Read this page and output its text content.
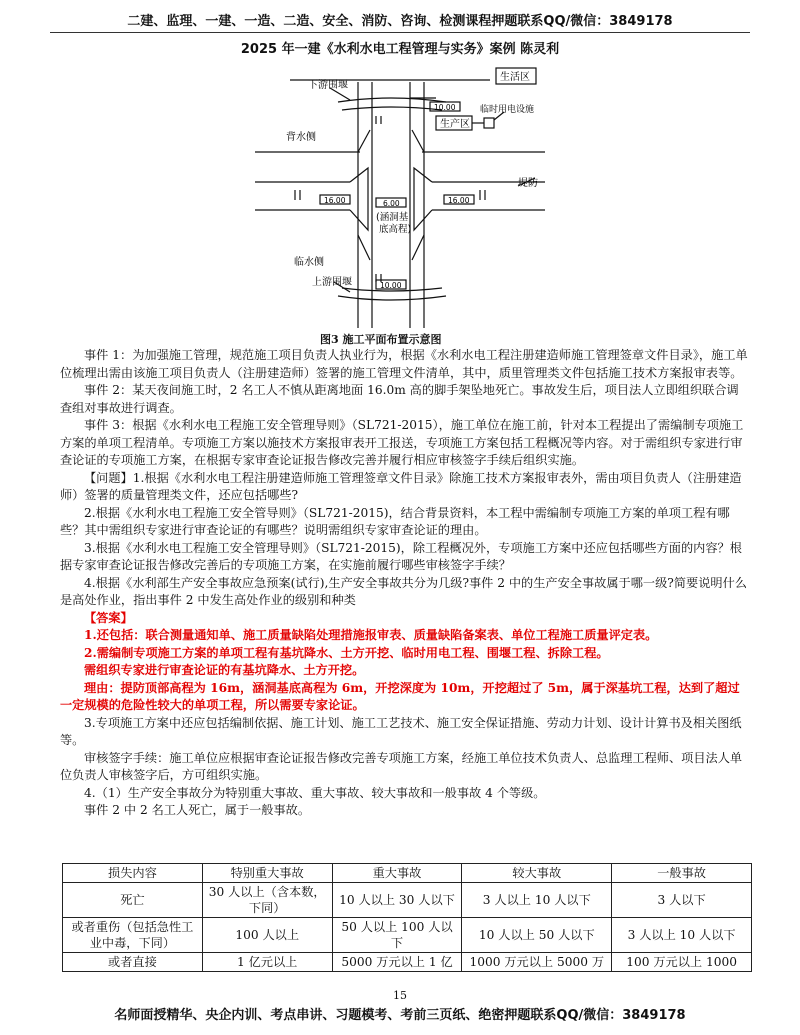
二建、监理、一建、一造、二造、安全、消防、咨询、检测课程押题联系QQ/微信：3849178
2025 年一建《水利水电工程管理与实务》案例 陈灵利
生活区
下游围堰
临时用电设施
生产区
背水侧
堤防
临水侧
上游围堰
(涵洞基
底高程)
10.00
16.00	6.00	16.00
10.00
图3 施工平面布置示意图

事件 1：为加强施工管理，规范施工项目负责人执业行为，根据《水利水电工程注册建造师施工管理签章文件目录》，施工单位梳理出需由该施工项目负责人（注册建造师）签署的施工管理文件清单，其中，质里管理类文件包括施工技术方案报审表等。

事件 2：某天夜间施工时，2 名工人不慎从距离地面 16.0m 高的脚手架坠地死亡。事故发生后，项目法人立即组织联合调查组对事故进行调查。

事件 3：根据《水利水电工程施工安全管理导则》（SL721-2015），施工单位在施工前，针对本工程提出了需编制专项施工方案的单项工程清单。专项施工方案以施技术方案报审表开工报送，专项施工方案包括工程概况等内容。对于需组织专家进行审查论证的专项施工方案，在根据专家审查论证报告修改完善并履行相应审核签字手续后组织实施。

【问题】1.根据《水利水电工程注册建造师施工管理签章文件目录》除施工技术方案报审表外，需由项目负责人（注册建造师）签署的质量管理类文件，还应包括哪些?

2.根据《水利水电工程施工安全管导则》（SL721-2015)，结合背景资料，本工程中需编制专项施工方案的单项工程有哪些？其中需组织专家进行审查论证的有哪些？说明需组织专家审查论证的理由。

3.根据《水利水电工程施工安全管理导则》（SL721-2015)，除工程概况外，专项施工方案中还应包括哪些方面的内容？根据专家审查论证报告修改完善后的专项施工方案，在实施前履行哪些审核签字手续？

4.根据《水利部生产安全事故应急预案(试行),生产安全事故共分为几级?事件 2 中的生产安全事故属于哪一级?简要说明什么是高处作业，指出事件 2 中发生高处作业的级别和种类

【答案】

1.还包括：联合测量通知单、施工质量缺陷处理措施报审表、质量缺陷备案表、单位工程施工质量评定表。

2.需编制专项施工方案的单项工程有基坑降水、土方开挖、临时用电工程、围堰工程、拆除工程。

需组织专家进行审查论证的有基坑降水、土方开挖。

理由：提防顶部高程为 16m，涵洞基底高程为 6m，开挖深度为 10m，开挖超过了 5m，属于深基坑工程，达到了超过一定规模的危险性较大的单项工程，所以需要专家论证。

3.专项施工方案中还应包括编制依据、施工计划、施工工艺技术、施工安全保证措施、劳动力计划、设计计算书及相关图纸等。

审核签字手续：施工单位应根据审查论证报告修改完善专项施工方案，经施工单位技术负责人、总监理工程师、项目法人单位负责人审核签字后，方可组织实施。

4.（1）生产安全事故分为特别重大事故、重大事故、较大事故和一般事故 4 个等级。

事件 2 中 2 名工人死亡，属于一般事故。

损失内容	特别重大事故	重大事故	较大事故	一般事故
死亡	30 人以上（含本数，下同）	10 人以上 30 人以下	3 人以上 10 人以下	3 人以下
或者重伤（包括急性工业中毒，下同）	100 人以上	50 人以上 100 人以下	10 人以上 50 人以下	3 人以上 10 人以下
或者直接	1 亿元以上	5000 万元以上 1 亿	1000 万元以上 5000 万	100 万元以上 1000
15
名师面授精华、央企内训、考点串讲、习题模考、考前三页纸、绝密押题联系QQ/微信：3849178
